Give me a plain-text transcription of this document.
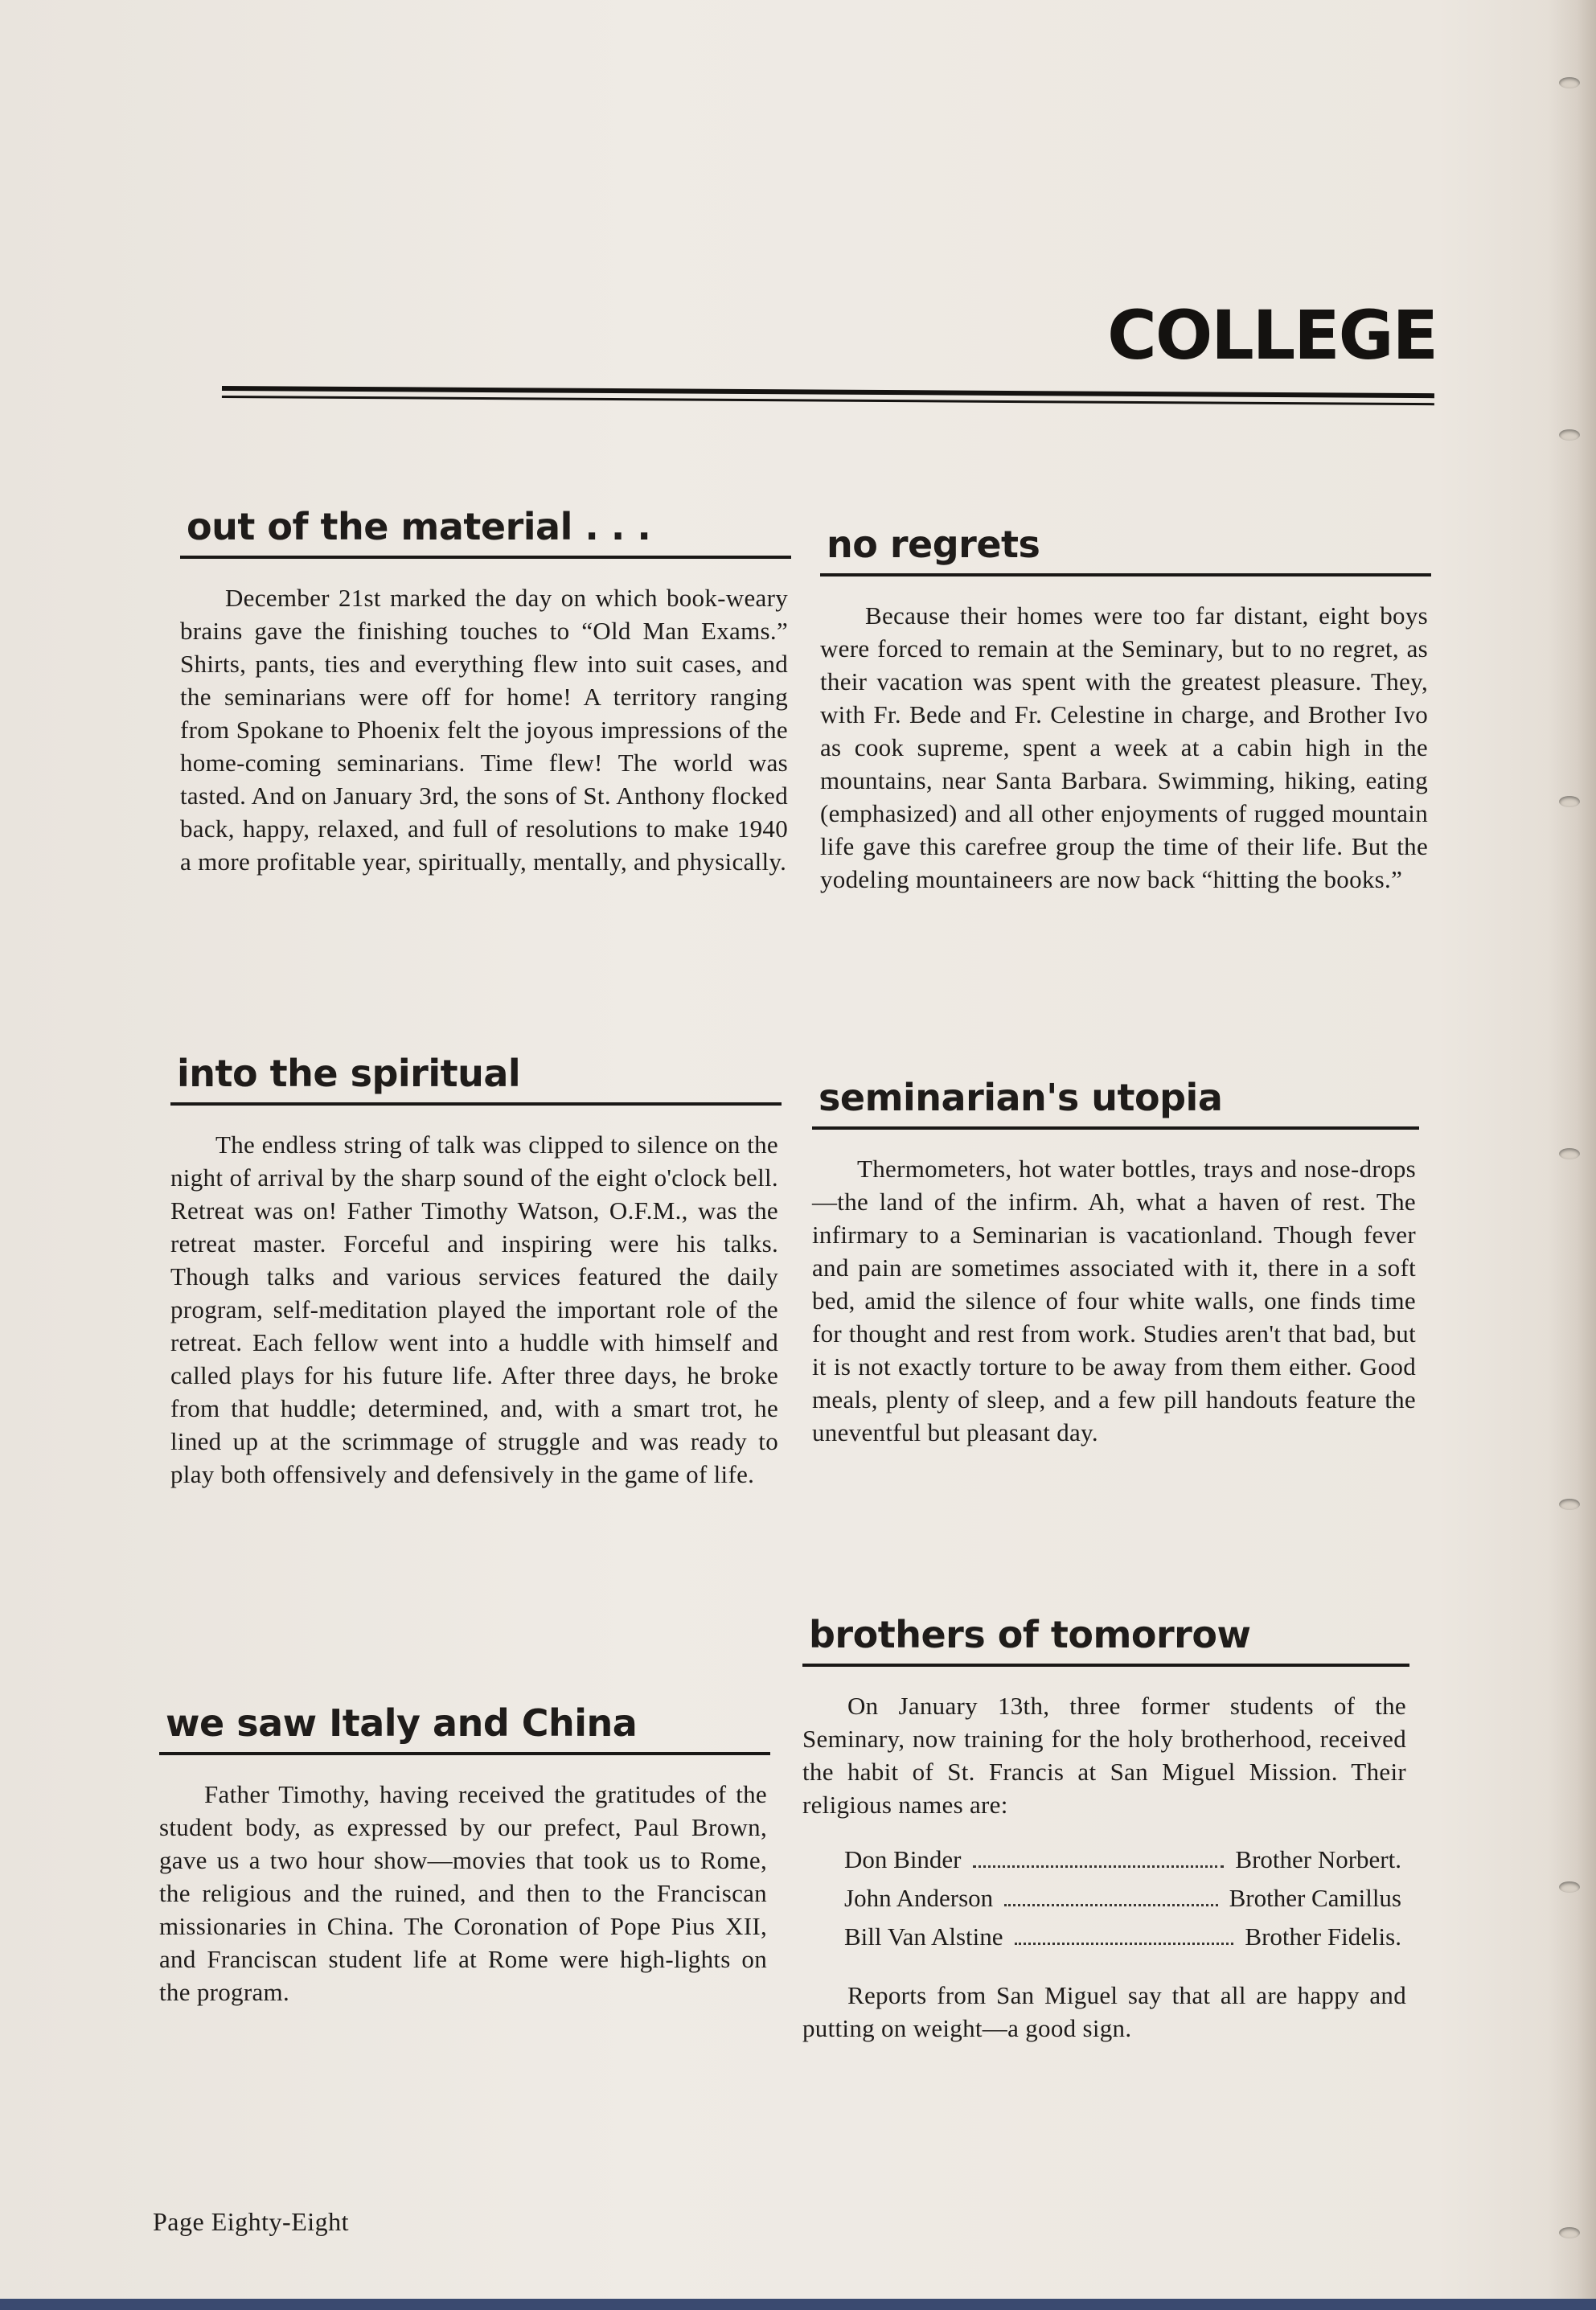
COLLEGE
out of the material . . .

December 21st marked the day on which book-weary brains gave the finishing touches to “Old Man Exams.” Shirts, pants, ties and everything flew into suit cases, and the seminarians were off for home! A territory ranging from Spokane to Phoenix felt the joyous impressions of the home-coming seminarians. Time flew! The world was tasted. And on January 3rd, the sons of St. Anthony flocked back, happy, relaxed, and full of resolutions to make 1940 a more profitable year, spiritually, mentally, and physically.

into the spiritual

The endless string of talk was clipped to silence on the night of arrival by the sharp sound of the eight o'clock bell. Retreat was on! Father Timothy Watson, O.F.M., was the retreat master. Forceful and inspiring were his talks. Though talks and various services featured the daily program, self-meditation played the important role of the retreat. Each fellow went into a huddle with himself and called plays for his future life. After three days, he broke from that huddle; determined, and, with a smart trot, he lined up at the scrimmage of struggle and was ready to play both offensively and defensively in the game of life.

we saw Italy and China

Father Timothy, having received the gratitudes of the student body, as expressed by our prefect, Paul Brown, gave us a two hour show—movies that took us to Rome, the religious and the ruined, and then to the Franciscan missionaries in China. The Coronation of Pope Pius XII, and Franciscan student life at Rome were high-lights on the program.

no regrets

Because their homes were too far distant, eight boys were forced to remain at the Seminary, but to no regret, as their vacation was spent with the greatest pleasure. They, with Fr. Bede and Fr. Celestine in charge, and Brother Ivo as cook supreme, spent a week at a cabin high in the mountains, near Santa Barbara. Swimming, hiking, eating (emphasized) and all other enjoyments of rugged mountain life gave this carefree group the time of their life. But the yodeling mountaineers are now back “hitting the books.”

seminarian's utopia

Thermometers, hot water bottles, trays and nose-drops—the land of the infirm. Ah, what a haven of rest. The infirmary to a Seminarian is vacationland. Though fever and pain are sometimes associated with it, there in a soft bed, amid the silence of four white walls, one finds time for thought and rest from work. Studies aren't that bad, but it is not exactly torture to be away from them either. Good meals, plenty of sleep, and a few pill handouts feature the uneventful but pleasant day.

brothers of tomorrow

On January 13th, three former students of the Seminary, now training for the holy brotherhood, received the habit of St. Francis at San Miguel Mission. Their religious names are:

Don Binder	Brother Norbert.
John Anderson	Brother Camillus
Bill Van Alstine	Brother Fidelis.

Reports from San Miguel say that all are happy and putting on weight—a good sign.

Page Eighty-Eight
